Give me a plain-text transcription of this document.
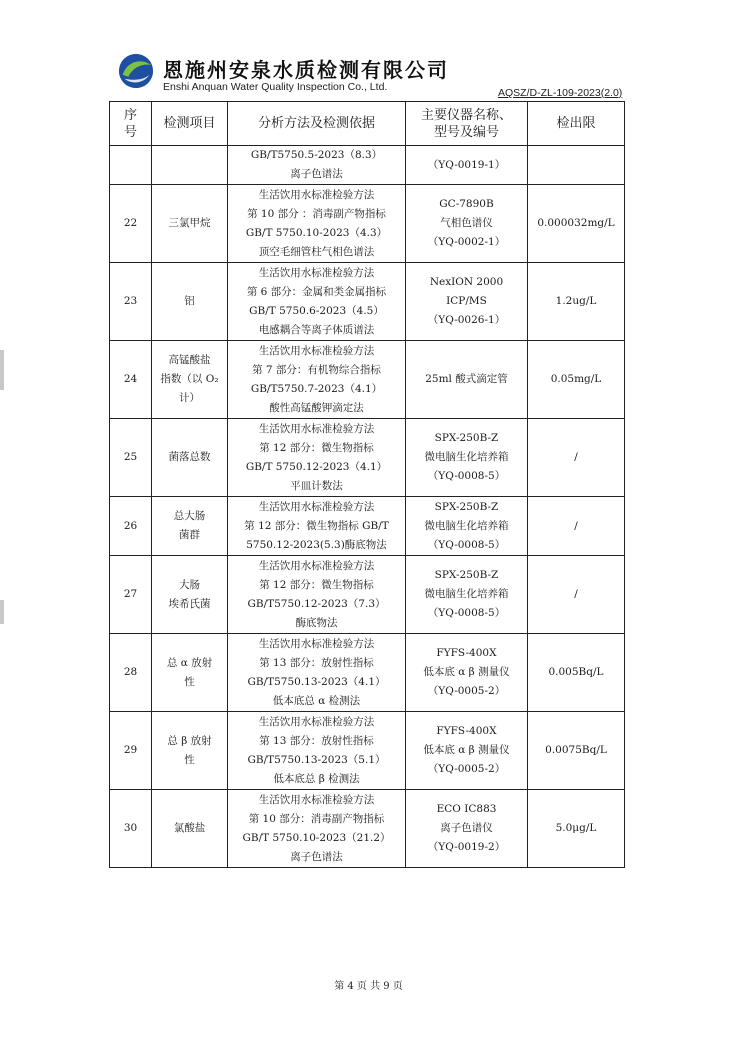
恩施州安泉水质检测有限公司
Enshi Anquan Water Quality Inspection Co., Ltd.	AQSZ/D-ZL-109-2023(2.0)
序号	检测项目	分析方法及检测依据	主要仪器名称、型号及编号	检出限

		GB/T5750.5-2023（8.3）
离子色谱法	（YQ-0019-1）	

22	三氯甲烷	生活饮用水标准检验方法
第 10 部分 ：消毒副产物指标
GB/T 5750.10-2023（4.3）
顶空毛细管柱气相色谱法	GC-7890B
气相色谱仪
（YQ-0002-1）	0.000032mg/L
23	铝	生活饮用水标准检验方法
第 6 部分：金属和类金属指标
GB/T 5750.6-2023（4.5）
电感耦合等离子体质谱法	NexION 2000
ICP/MS
（YQ-0026-1）	1.2ug/L
24	高锰酸盐
指数（以 O₂
计）	生活饮用水标准检验方法
第 7 部分：有机物综合指标
GB/T5750.7-2023（4.1）
酸性高锰酸钾滴定法	25ml 酸式滴定管	0.05mg/L
25	菌落总数	生活饮用水标准检验方法
第 12 部分：微生物指标
GB/T 5750.12-2023（4.1）
平皿计数法	SPX-250B-Z
微电脑生化培养箱
（YQ-0008-5）	/
26	总大肠
菌群	生活饮用水标准检验方法
第 12 部分：微生物指标 GB/T
5750.12-2023(5.3)酶底物法	SPX-250B-Z
微电脑生化培养箱
（YQ-0008-5）	/
27	大肠
埃希氏菌	生活饮用水标准检验方法
第 12 部分：微生物指标
GB/T5750.12-2023（7.3）
酶底物法	SPX-250B-Z
微电脑生化培养箱
（YQ-0008-5）	/
28	总 α 放射
性	生活饮用水标准检验方法
第 13 部分：放射性指标
GB/T5750.13-2023（4.1）
低本底总 α 检测法	FYFS-400X
低本底 α β 测量仪
（YQ-0005-2）	0.005Bq/L
29	总 β 放射
性	生活饮用水标准检验方法
第 13 部分：放射性指标
GB/T5750.13-2023（5.1）
低本底总 β 检测法	FYFS-400X
低本底 α β 测量仪
（YQ-0005-2）	0.0075Bq/L
30	氯酸盐	生活饮用水标准检验方法
第 10 部分：消毒副产物指标
GB/T 5750.10-2023（21.2）
离子色谱法	ECO IC883
离子色谱仪
（YQ-0019-2）	5.0μg/L
第 4 页 共 9 页
